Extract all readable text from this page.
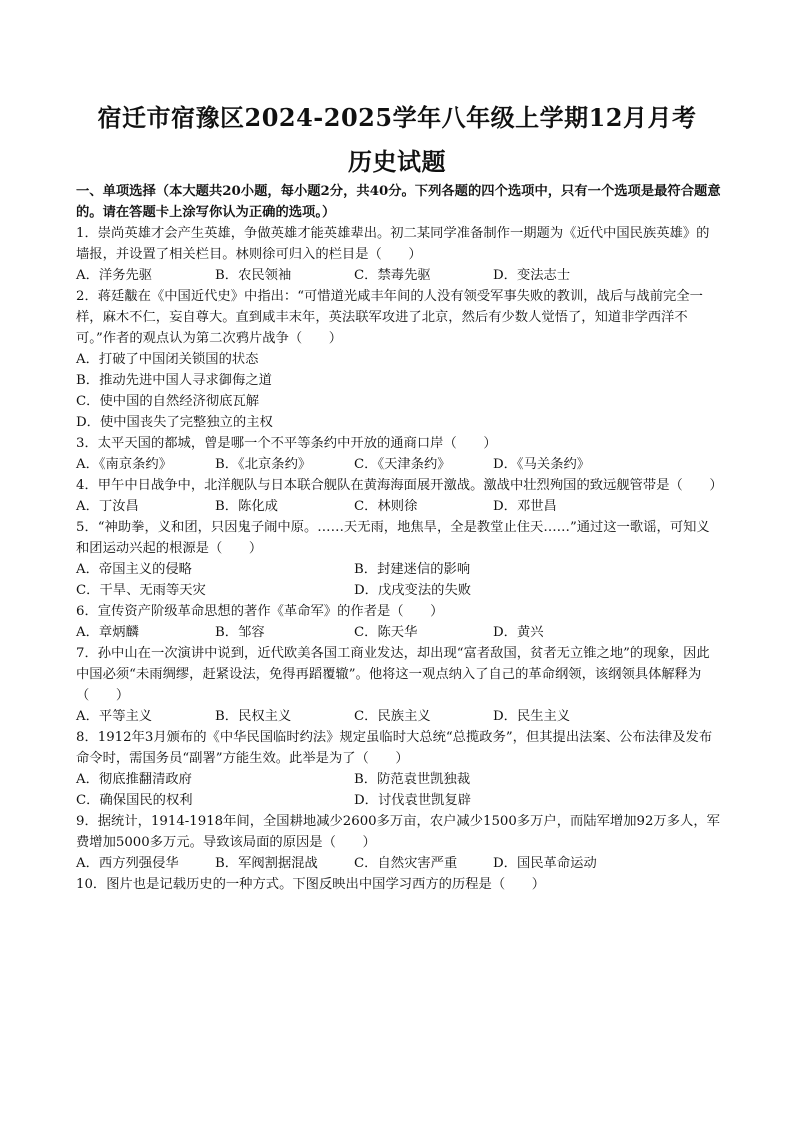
宿迁市宿豫区2024-2025学年八年级上学期12月月考
历史试题
一、单项选择（本大题共20小题，每小题2分，共40分。下列各题的四个选项中，只有一个选项是最符合题意的。请在答题卡上涂写你认为正确的选项。）
1．崇尚英雄才会产生英雄，争做英雄才能英雄辈出。初二某同学准备制作一期题为《近代中国民族英雄》的墙报，并设置了相关栏目。林则徐可归入的栏目是（　　）
A．洋务先驱	B．农民领袖	C．禁毒先驱	D．变法志士
2．蒋廷黻在《中国近代史》中指出：“可惜道光咸丰年间的人没有领受军事失败的教训，战后与战前完全一样，麻木不仁，妄自尊大。直到咸丰末年，英法联军攻进了北京，然后有少数人觉悟了，知道非学西洋不可。”作者的观点认为第二次鸦片战争（　　）
A．打破了中国闭关锁国的状态
B．推动先进中国人寻求御侮之道
C．使中国的自然经济彻底瓦解
D．使中国丧失了完整独立的主权
3．太平天国的都城，曾是哪一个不平等条约中开放的通商口岸（　　）
A．《南京条约》	B．《北京条约》	C．《天津条约》	D．《马关条约》
4．甲午中日战争中，北洋舰队与日本联合舰队在黄海海面展开激战。激战中壮烈殉国的致远舰管带是（　　）
A．丁汝昌	B．陈化成	C．林则徐	D．邓世昌
5．“神助拳，义和团，只因鬼子闹中原。……天无雨，地焦旱，全是教堂止住天……”通过这一歌谣，可知义和团运动兴起的根源是（　　）
A．帝国主义的侵略	B．封建迷信的影响
C．干旱、无雨等天灾	D．戊戌变法的失败
6．宣传资产阶级革命思想的著作《革命军》的作者是（　　）
A．章炳麟	B．邹容	C．陈天华	D．黄兴
7．孙中山在一次演讲中说到，近代欧美各国工商业发达，却出现“富者敌国，贫者无立锥之地”的现象，因此中国必须“未雨绸缪，赶紧设法，免得再蹈覆辙”。他将这一观点纳入了自己的革命纲领，该纲领具体解释为（　　）
A．平等主义	B．民权主义	C．民族主义	D．民生主义
8．1912年3月颁布的《中华民国临时约法》规定虽临时大总统“总揽政务”，但其提出法案、公布法律及发布命令时，需国务员“副署”方能生效。此举是为了（　　）
A．彻底推翻清政府	B．防范袁世凯独裁
C．确保国民的权利	D．讨伐袁世凯复辟
9．据统计，1914-1918年间，全国耕地减少2600多万亩，农户减少1500多万户，而陆军增加92万多人，军费增加5000多万元。导致该局面的原因是（　　）
A．西方列强侵华	B．军阀割据混战	C．自然灾害严重	D．国民革命运动
10．图片也是记载历史的一种方式。下图反映出中国学习西方的历程是（　　）
